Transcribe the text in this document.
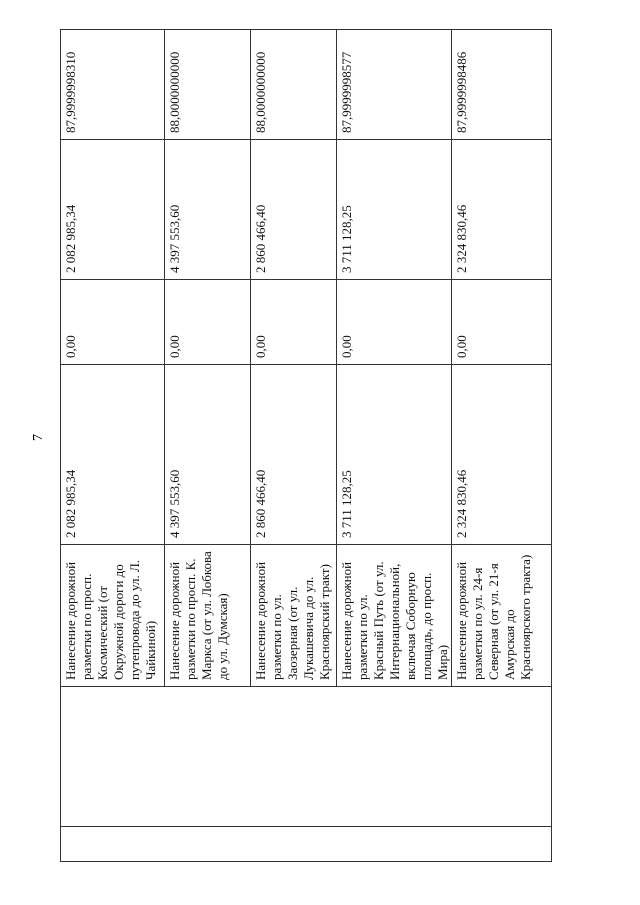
7
		Нанесение дорожной разметки по просп. Космический (от Окружной дороги до путепровода до ул. Л. Чайкиной)	2 082 985,34	0,00	2 082 985,34	87,9999998310
		Нанесение дорожной разметки по просп. К. Маркса (от ул. Лобкова до ул. Думская)	4 397 553,60	0,00	4 397 553,60	88,0000000000
		Нанесение дорожной разметки по ул. Заозерная (от ул. Лукашевича до ул. Красноярский тракт)	2 860 466,40	0,00	2 860 466,40	88,0000000000
		Нанесение дорожной разметки по ул. Красный Путь (от ул. Интернациональной, включая Соборную площадь, до просп. Мира)	3 711 128,25	0,00	3 711 128,25	87,9999998577
		Нанесение дорожной разметки по ул. 24-я Северная (от ул. 21-я Амурская до Красноярского тракта)	2 324 830,46	0,00	2 324 830,46	87,9999998486
